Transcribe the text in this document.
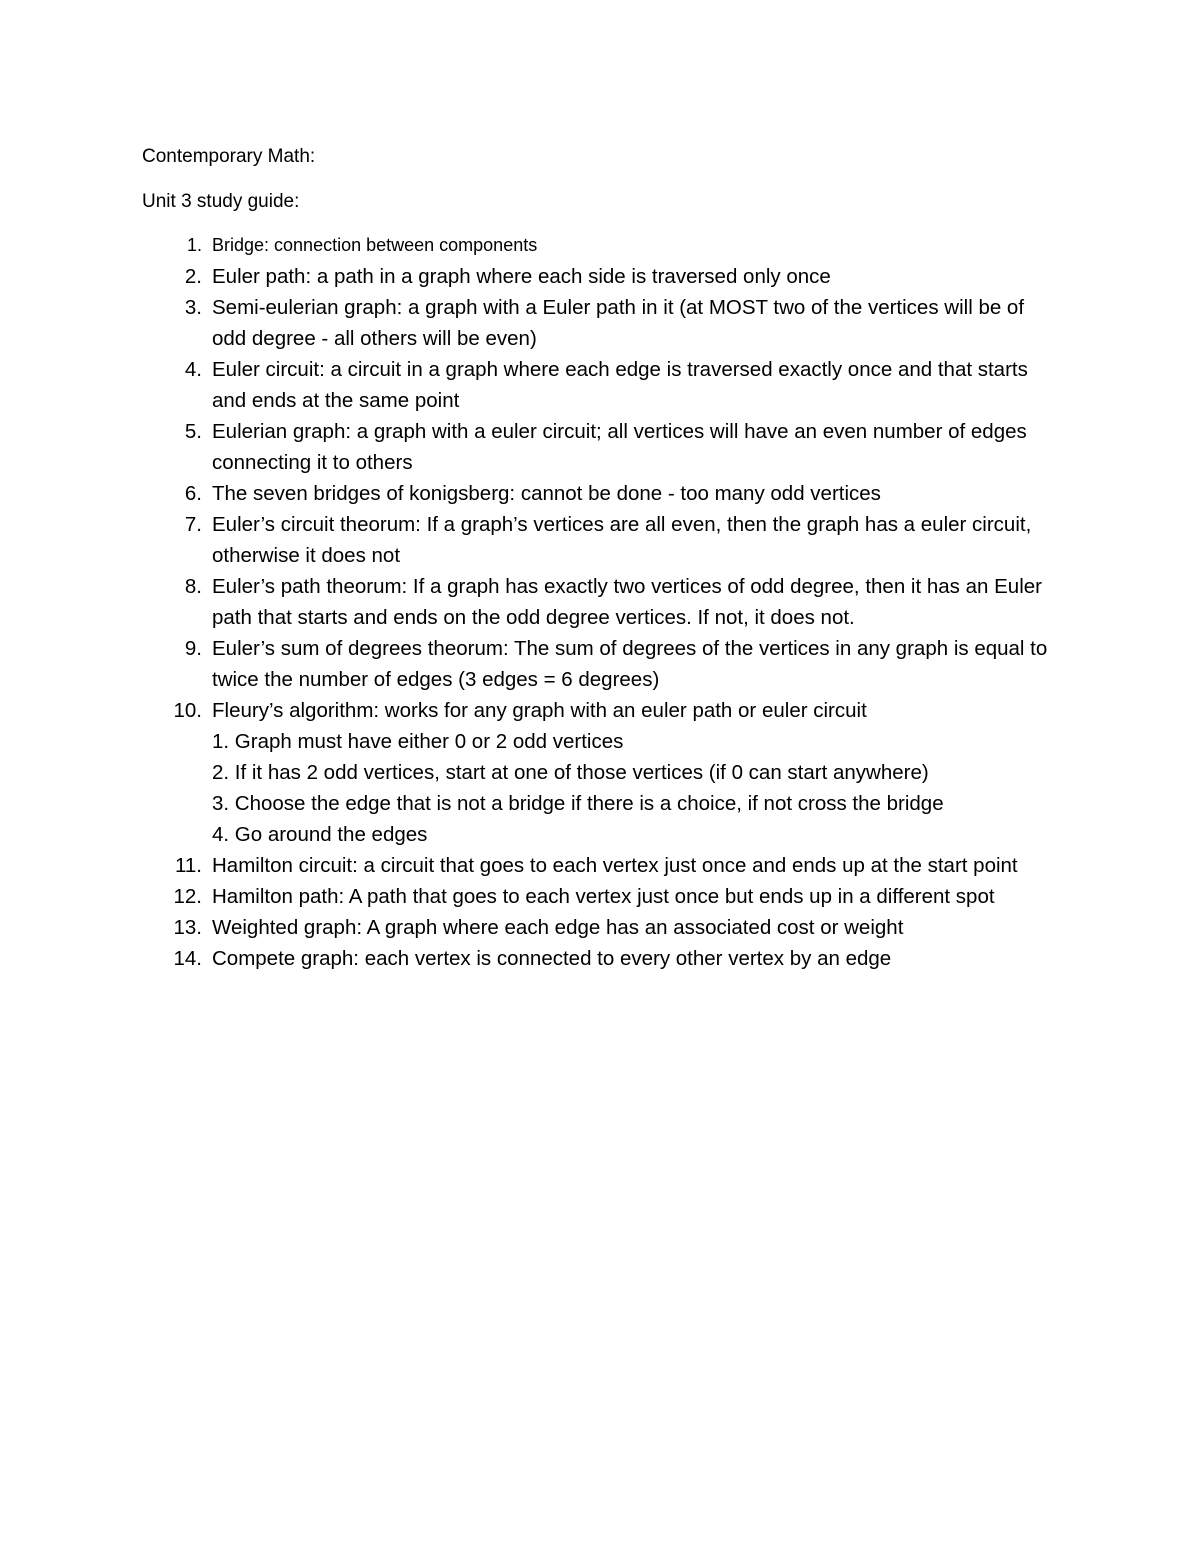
Contemporary Math:
Unit 3 study guide:
1. Bridge: connection between components
2. Euler path: a path in a graph where each side is traversed only once
3. Semi-eulerian graph: a graph with a Euler path in it (at MOST two of the vertices will be of odd degree - all others will be even)
4. Euler circuit: a circuit in a graph where each edge is traversed exactly once and that starts and ends at the same point
5. Eulerian graph: a graph with a euler circuit; all vertices will have an even number of edges connecting it to others
6. The seven bridges of konigsberg: cannot be done - too many odd vertices
7. Euler’s circuit theorum: If a graph’s vertices are all even, then the graph has a euler circuit, otherwise it does not
8. Euler’s path theorum: If a graph has exactly two vertices of odd degree, then it has an Euler path that starts and ends on the odd degree vertices. If not, it does not.
9. Euler’s sum of degrees theorum: The sum of degrees of the vertices in any graph is equal to twice the number of edges (3 edges = 6 degrees)
10. Fleury’s algorithm: works for any graph with an euler path or euler circuit
1. Graph must have either 0 or 2 odd vertices
2. If it has 2 odd vertices, start at one of those vertices (if 0 can start anywhere)
3. Choose the edge that is not a bridge if there is a choice, if not cross the bridge
4. Go around the edges
11. Hamilton circuit: a circuit that goes to each vertex just once and ends up at the start point
12. Hamilton path: A path that goes to each vertex just once but ends up in a different spot
13. Weighted graph: A graph where each edge has an associated cost or weight
14. Compete graph: each vertex is connected to every other vertex by an edge
